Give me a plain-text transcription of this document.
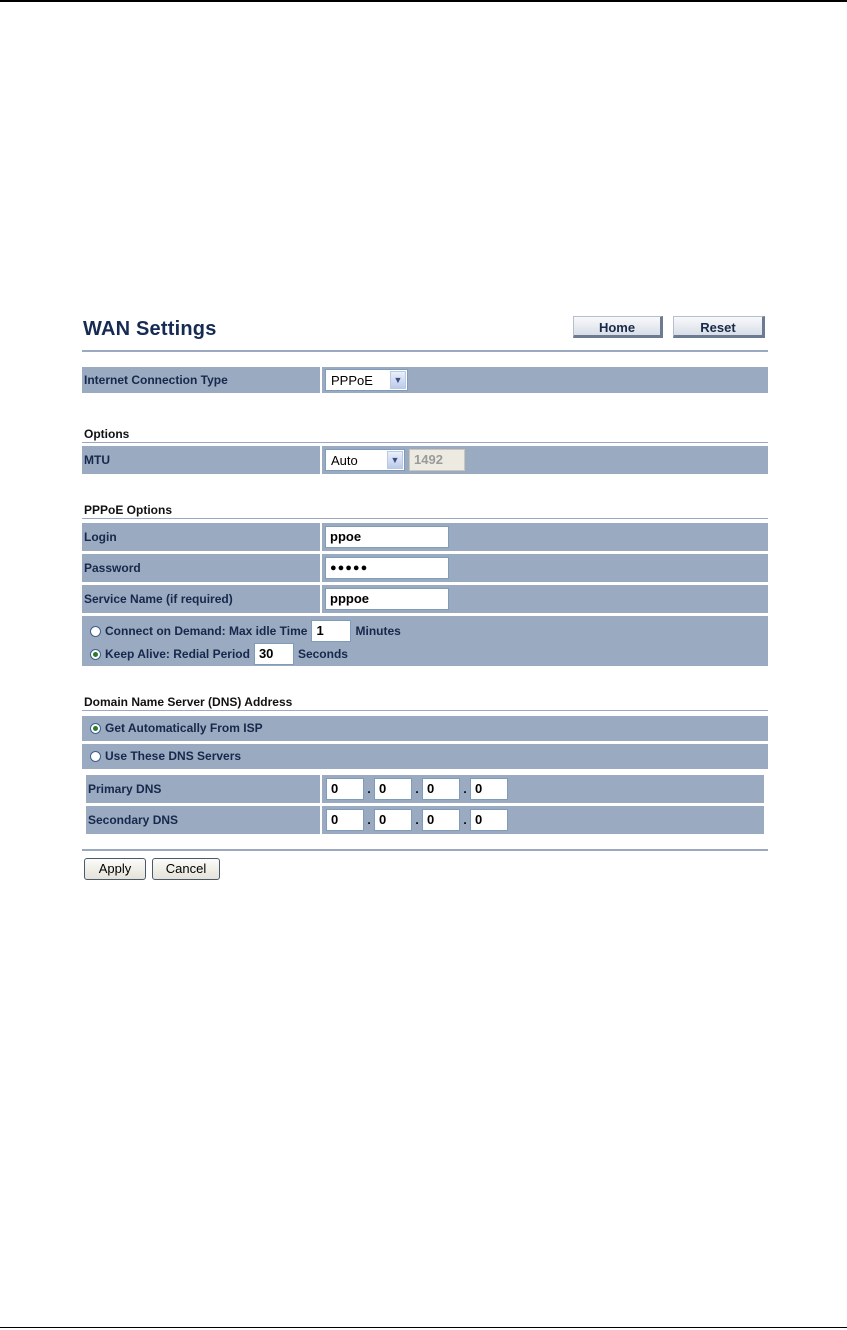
WAN Settings	Home	Reset
Internet Connection Type	PPPoE	▼
Options
MTU	Auto	▼	1492
PPPoE Options
Login	ppoe
Password	●●●●●
Service Name (if required)	pppoe
Connect on Demand: Max idle Time 1	Minutes
Keep Alive: Redial Period 30	Seconds
Domain Name Server (DNS) Address
Get Automatically From ISP
Use These DNS Servers
Primary DNS	0	. 0	. 0	. 0
Secondary DNS	0	. 0	. 0	. 0
Apply	Cancel
